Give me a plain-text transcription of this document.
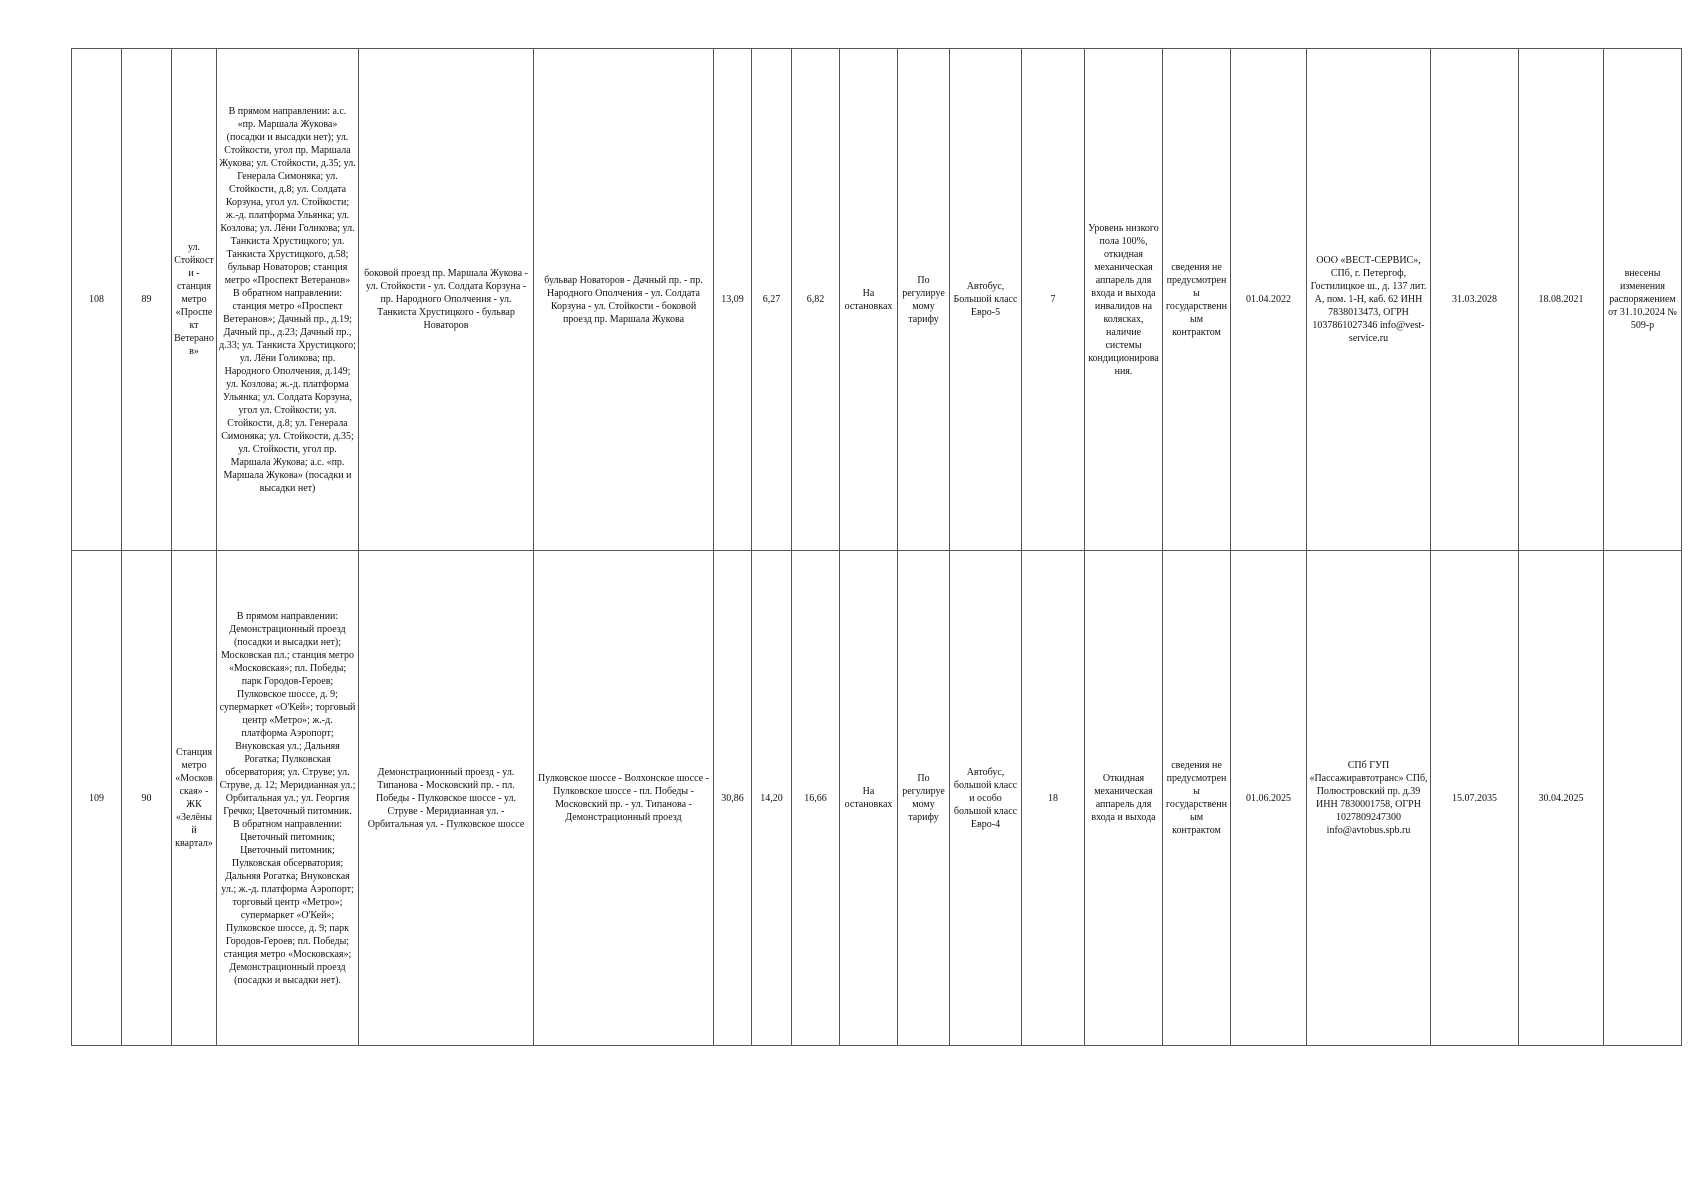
108	89	ул. Стойкости - станция метро «Проспект Ветеранов»	В прямом направлении: а.с. «пр. Маршала Жукова» (посадки и высадки нет); ул. Стойкости, угол пр. Маршала Жукова; ул. Стойкости, д.35; ул. Генерала Симоняка; ул. Стойкости, д.8; ул. Солдата Корзуна, угол ул. Стойкости; ж.-д. платформа Ульянка; ул. Козлова; ул. Лёни Голикова; ул. Танкиста Хрустицкого; ул. Танкиста Хрустицкого, д.58; бульвар Новаторов; станция метро «Проспект Ветеранов»
В обратном направлении: станция метро «Проспект Ветеранов»; Дачный пр., д.19; Дачный пр., д.23; Дачный пр., д.33; ул. Танкиста Хрустицкого; ул. Лёни Голикова; пр. Народного Ополчения, д.149; ул. Козлова; ж.-д. платформа Ульянка; ул. Солдата Корзуна, угол ул. Стойкости; ул. Стойкости, д.8; ул. Генерала Симоняка; ул. Стойкости, д.35; ул. Стойкости, угол пр. Маршала Жукова; а.с. «пр. Маршала Жукова» (посадки и высадки нет)	боковой проезд пр. Маршала Жукова - ул. Стойкости - ул. Солдата Корзуна - пр. Народного Ополчения - ул. Танкиста Хрустицкого - бульвар Новаторов	бульвар Новаторов - Дачный пр. - пр. Народного Ополчения - ул. Солдата Корзуна - ул. Стойкости - боковой проезд пр. Маршала Жукова	13,09	6,27	6,82	На остановках	По регулируемому тарифу	Автобус, Большой класс Евро-5	7	Уровень низкого пола 100%, откидная механическая аппарель для входа и выхода инвалидов на колясках, наличие системы кондиционирования.	сведения не предусмотрены государственным контрактом	01.04.2022	ООО «ВЕСТ-СЕРВИС», СПб, г. Петергоф, Гостилицкое ш., д. 137 лит. А, пом. 1-Н, каб. 62 ИНН 7838013473, ОГРН 1037861027346 info@vest-service.ru	31.03.2028	18.08.2021	внесены изменения распоряжением от 31.10.2024 № 509-р
109	90	Станция метро «Московская» - ЖК «Зелёный квартал»	В прямом направлении: Демонстрационный проезд (посадки и высадки нет); Московская пл.; станция метро «Московская»; пл. Победы; парк Городов-Героев; Пулковское шоссе, д. 9; супермаркет «О'Кей»; торговый центр «Метро»; ж.-д. платформа Аэропорт; Внуковская ул.; Дальняя Рогатка; Пулковская обсерватория; ул. Струве; ул. Струве, д. 12; Меридианная ул.; Орбитальная ул.; ул. Георгия Гречко; Цветочный питомник.
В обратном направлении: Цветочный питомник; Цветочный питомник; Пулковская обсерватория; Дальняя Рогатка; Внуковская ул.; ж.-д. платформа Аэропорт; торговый центр «Метро»; супермаркет «О'Кей»; Пулковское шоссе, д. 9; парк Городов-Героев; пл. Победы; станция метро «Московская»; Демонстрационный проезд (посадки и высадки нет).	Демонстрационный проезд - ул. Типанова - Московский пр. - пл. Победы - Пулковское шоссе - ул. Струве - Меридианная ул. - Орбитальная ул. - Пулковское шоссе	Пулковское шоссе - Волхонское шоссе - Пулковское шоссе - пл. Победы - Московский пр. - ул. Типанова - Демонстрационный проезд	30,86	14,20	16,66	На остановках	По регулируемому тарифу	Автобус, большой класс и особо большой класс Евро-4	18	Откидная механическая аппарель для входа и выхода	сведения не предусмотрены государственным контрактом	01.06.2025	СПб ГУП «Пассажиравтотранс» СПб, Полюстровский пр. д.39 ИНН 7830001758, ОГРН 1027809247300 info@avtobus.spb.ru	15.07.2035	30.04.2025	
